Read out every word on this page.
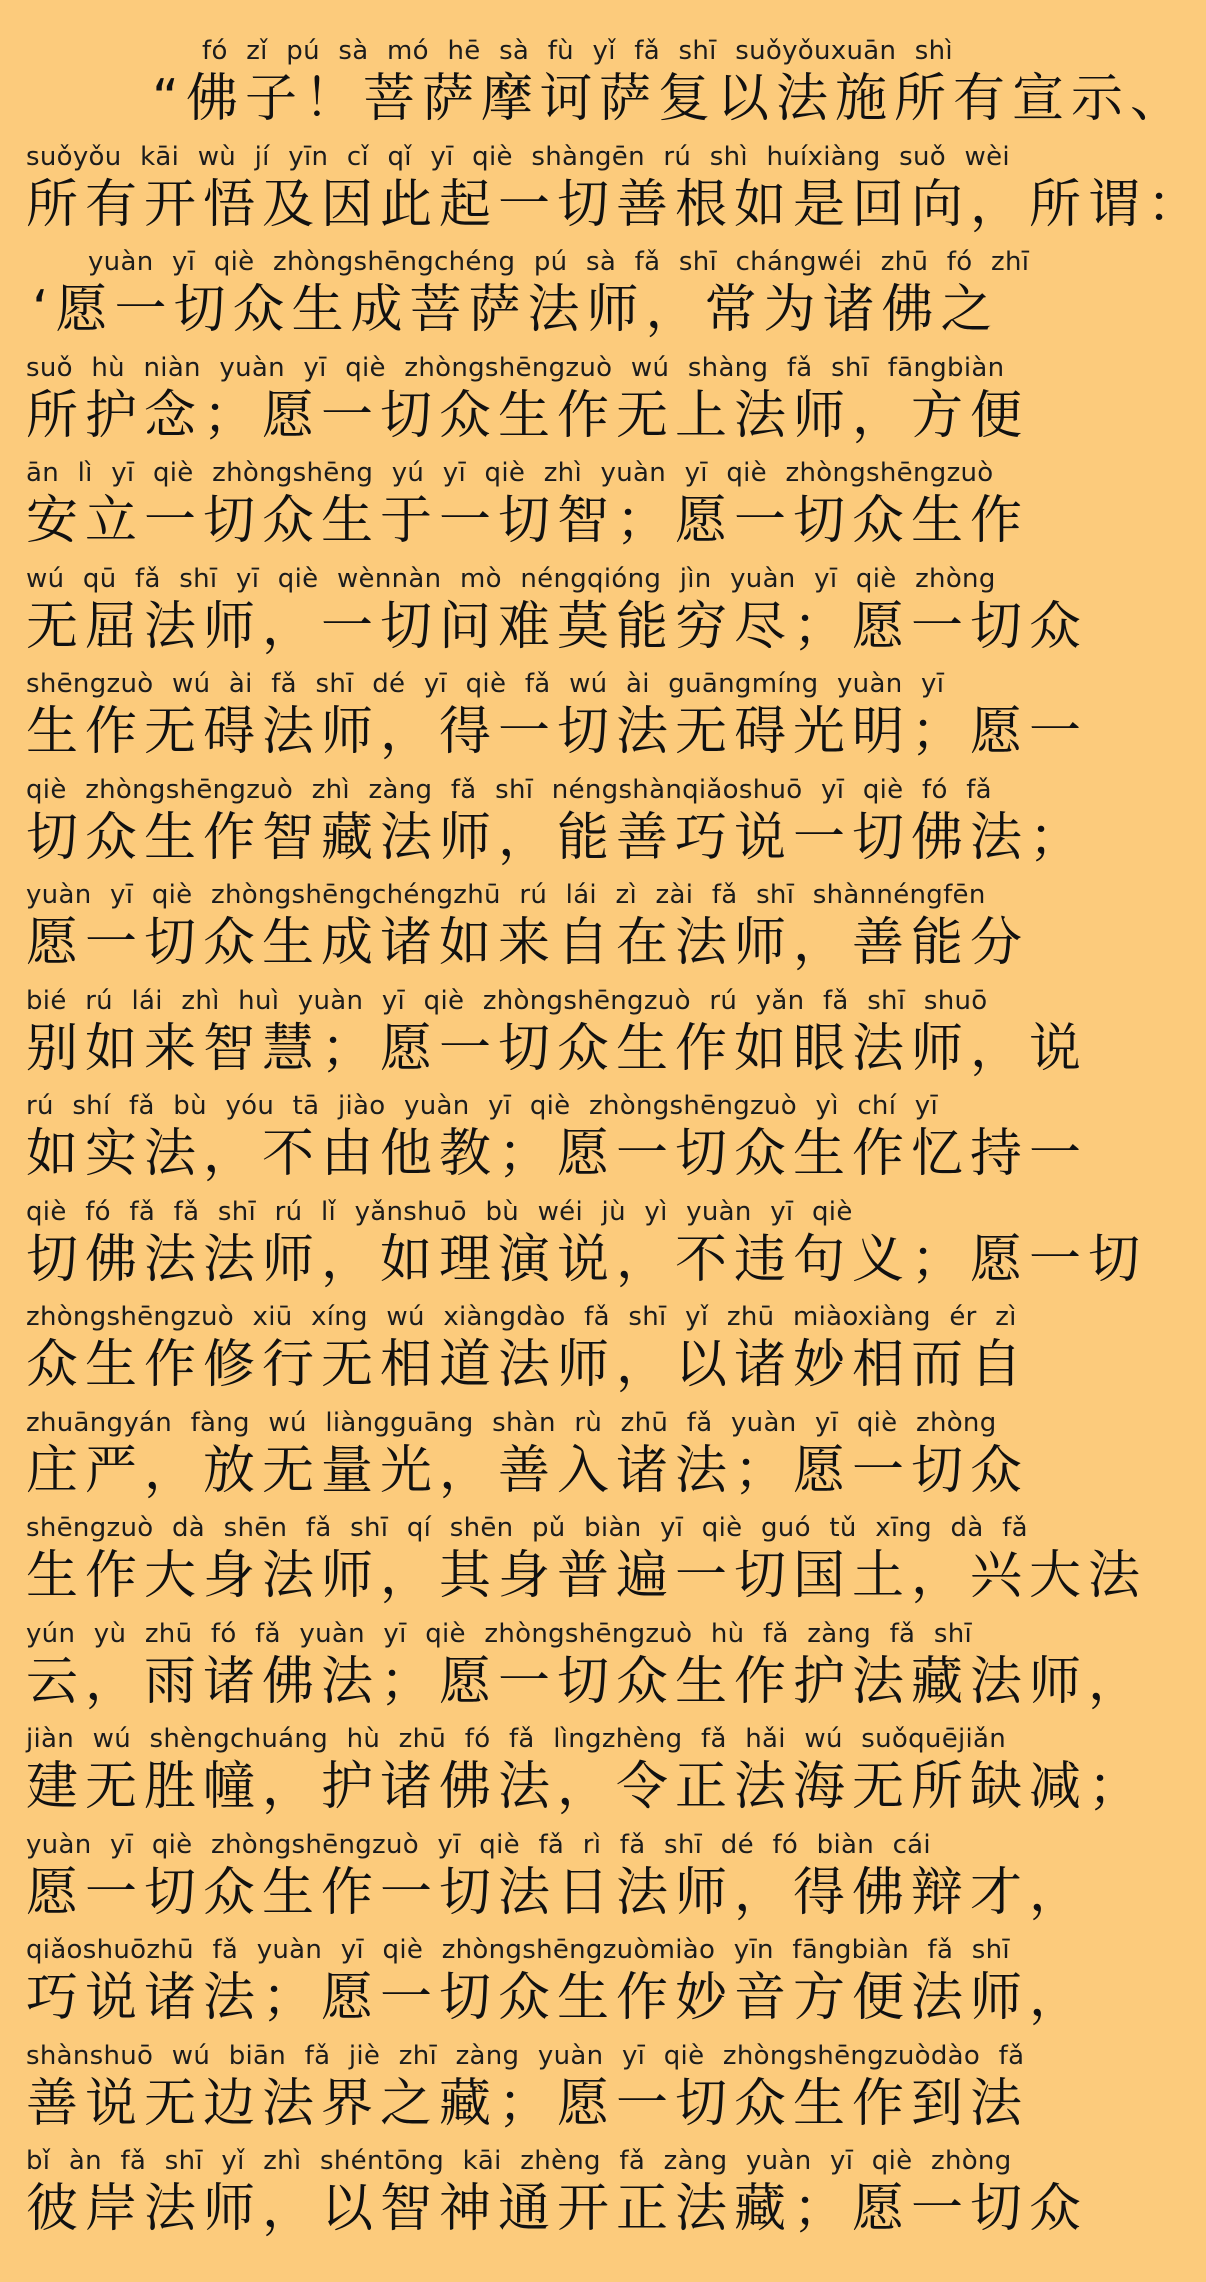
fó zǐ pú sà mó hē sà fù yǐ fǎ shī suǒyǒuxuān shì
“佛子！菩萨摩诃萨复以法施所有宣示、
suǒyǒu kāi wù jí yīn cǐ qǐ yī qiè shàngēn rú shì huíxiàng suǒ wèi
所有开悟及因此起一切善根如是回向，所谓：
yuàn yī qiè zhòngshēngchéng pú sà fǎ shī chángwéi zhū fó zhī
‘愿一切众生成菩萨法师，常为诸佛之
suǒ hù niàn yuàn yī qiè zhòngshēngzuò wú shàng fǎ shī fāngbiàn
所护念；愿一切众生作无上法师，方便
ān lì yī qiè zhòngshēng yú yī qiè zhì yuàn yī qiè zhòngshēngzuò
安立一切众生于一切智；愿一切众生作
wú qū fǎ shī yī qiè wènnàn mò néngqióng jìn yuàn yī qiè zhòng
无屈法师，一切问难莫能穷尽；愿一切众
shēngzuò wú ài fǎ shī dé yī qiè fǎ wú ài guāngmíng yuàn yī
生作无碍法师，得一切法无碍光明；愿一
qiè zhòngshēngzuò zhì zàng fǎ shī néngshànqiǎoshuō yī qiè fó fǎ
切众生作智藏法师，能善巧说一切佛法；
yuàn yī qiè zhòngshēngchéngzhū rú lái zì zài fǎ shī shànnéngfēn
愿一切众生成诸如来自在法师，善能分
bié rú lái zhì huì yuàn yī qiè zhòngshēngzuò rú yǎn fǎ shī shuō
别如来智慧；愿一切众生作如眼法师，说
rú shí fǎ bù yóu tā jiào yuàn yī qiè zhòngshēngzuò yì chí yī
如实法，不由他教；愿一切众生作忆持一
qiè fó fǎ fǎ shī rú lǐ yǎnshuō bù wéi jù yì yuàn yī qiè
切佛法法师，如理演说，不违句义；愿一切
zhòngshēngzuò xiū xíng wú xiàngdào fǎ shī yǐ zhū miàoxiàng ér zì
众生作修行无相道法师，以诸妙相而自
zhuāngyán fàng wú liàngguāng shàn rù zhū fǎ yuàn yī qiè zhòng
庄严，放无量光，善入诸法；愿一切众
shēngzuò dà shēn fǎ shī qí shēn pǔ biàn yī qiè guó tǔ xīng dà fǎ
生作大身法师，其身普遍一切国土，兴大法
yún yù zhū fó fǎ yuàn yī qiè zhòngshēngzuò hù fǎ zàng fǎ shī
云，雨诸佛法；愿一切众生作护法藏法师，
jiàn wú shèngchuáng hù zhū fó fǎ lìngzhèng fǎ hǎi wú suǒquējiǎn
建无胜幢，护诸佛法，令正法海无所缺减；
yuàn yī qiè zhòngshēngzuò yī qiè fǎ rì fǎ shī dé fó biàn cái
愿一切众生作一切法日法师，得佛辩才，
qiǎoshuōzhū fǎ yuàn yī qiè zhòngshēngzuòmiào yīn fāngbiàn fǎ shī
巧说诸法；愿一切众生作妙音方便法师，
shànshuō wú biān fǎ jiè zhī zàng yuàn yī qiè zhòngshēngzuòdào fǎ
善说无边法界之藏；愿一切众生作到法
bǐ àn fǎ shī yǐ zhì shéntōng kāi zhèng fǎ zàng yuàn yī qiè zhòng
彼岸法师，以智神通开正法藏；愿一切众
